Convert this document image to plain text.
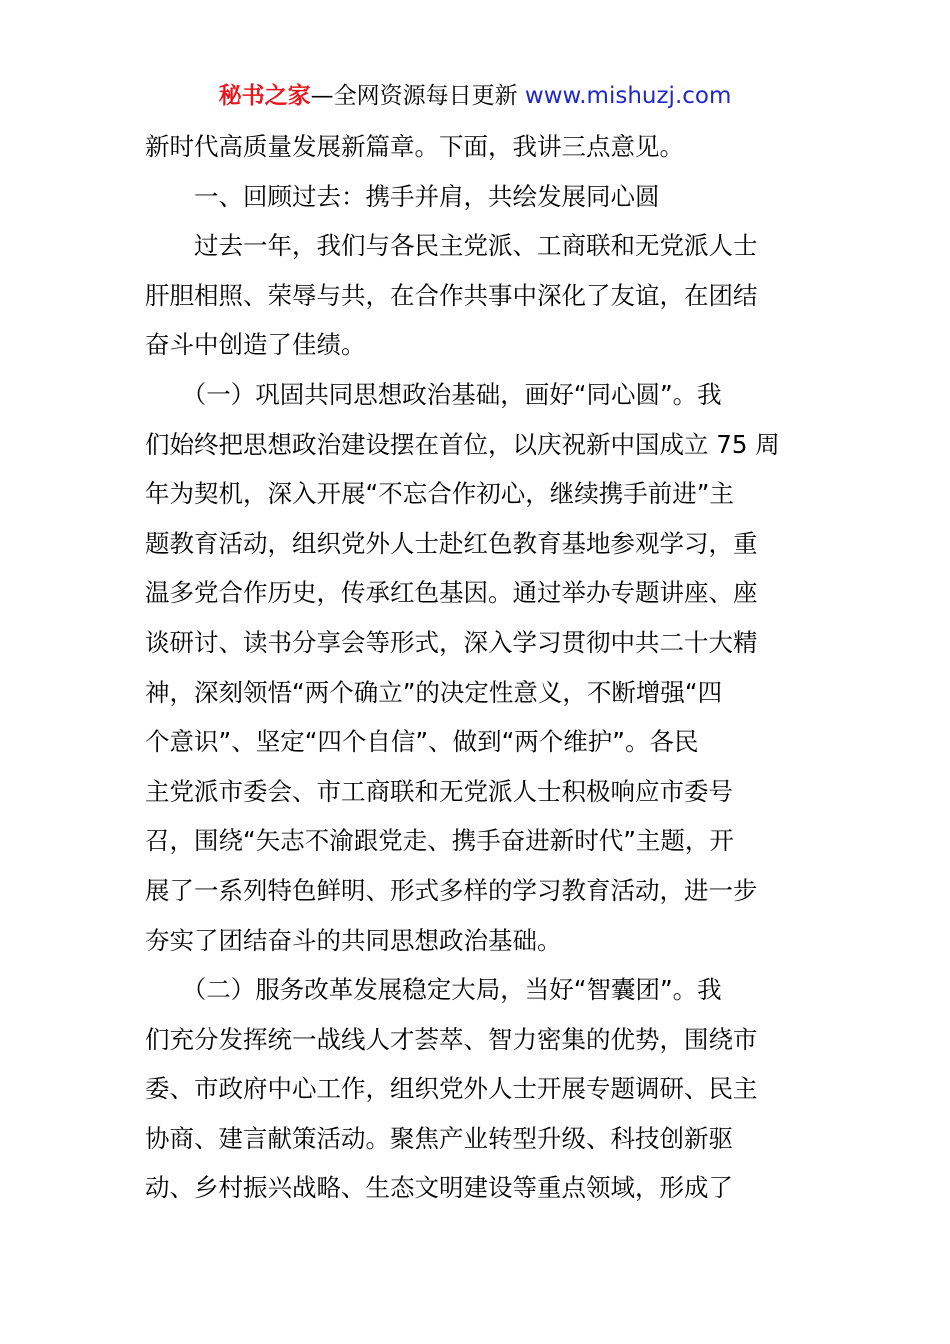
秘书之家—全网资源每日更新 www.mishuzj.com
新时代高质量发展新篇章。下面，我讲三点意见。
　　一、回顾过去：携手并肩，共绘发展同心圆
　　过去一年，我们与各民主党派、工商联和无党派人士
肝胆相照、荣辱与共，在合作共事中深化了友谊，在团结
奋斗中创造了佳绩。
　　（一）巩固共同思想政治基础，画好“同心圆”。我
们始终把思想政治建设摆在首位，以庆祝新中国成立 75 周
年为契机，深入开展“不忘合作初心，继续携手前进”主
题教育活动，组织党外人士赴红色教育基地参观学习，重
温多党合作历史，传承红色基因。通过举办专题讲座、座
谈研讨、读书分享会等形式，深入学习贯彻中共二十大精
神，深刻领悟“两个确立”的决定性意义，不断增强“四
个意识”、坚定“四个自信”、做到“两个维护”。各民
主党派市委会、市工商联和无党派人士积极响应市委号
召，围绕“矢志不渝跟党走、携手奋进新时代”主题，开
展了一系列特色鲜明、形式多样的学习教育活动，进一步
夯实了团结奋斗的共同思想政治基础。
　　（二）服务改革发展稳定大局，当好“智囊团”。我
们充分发挥统一战线人才荟萃、智力密集的优势，围绕市
委、市政府中心工作，组织党外人士开展专题调研、民主
协商、建言献策活动。聚焦产业转型升级、科技创新驱
动、乡村振兴战略、生态文明建设等重点领域，形成了
